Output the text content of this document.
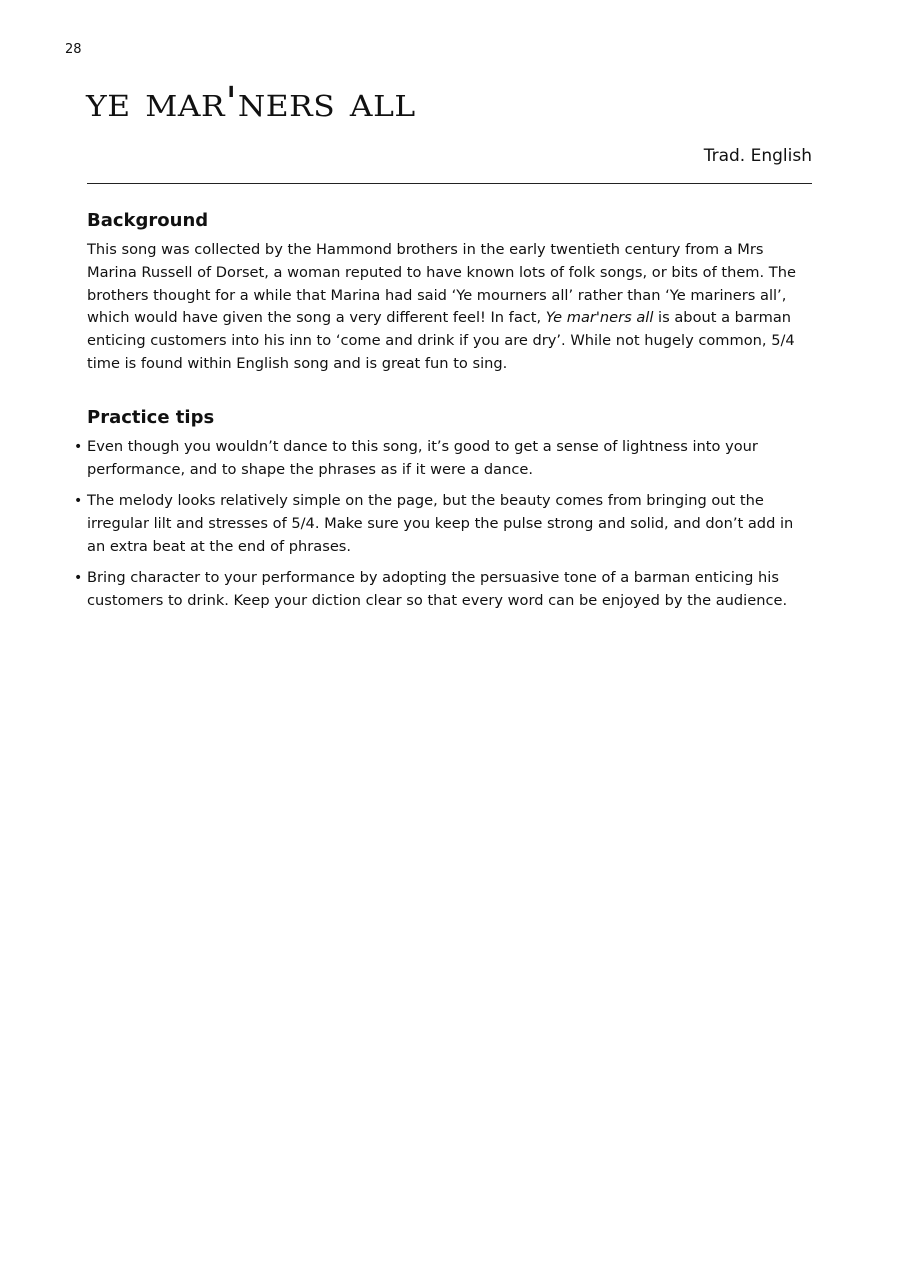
28
ye mar'ners all
Trad. English
Background

This song was collected by the Hammond brothers in the early twentieth century from a Mrs Marina Russell of Dorset, a woman reputed to have known lots of folk songs, or bits of them. The brothers thought for a while that Marina had said ‘Ye mourners all’ rather than ‘Ye mariners all’, which would have given the song a very different feel! In fact, Ye mar'ners all is about a barman enticing customers into his inn to ‘come and drink if you are dry’. While not hugely common, 5/4 time is found within English song and is great fun to sing.

Practice tips
• Even though you wouldn’t dance to this song, it’s good to get a sense of lightness into your performance, and to shape the phrases as if it were a dance.
• The melody looks relatively simple on the page, but the beauty comes from bringing out the irregular lilt and stresses of 5/4. Make sure you keep the pulse strong and solid, and don’t add in an extra beat at the end of phrases.
• Bring character to your performance by adopting the persuasive tone of a barman enticing his customers to drink. Keep your diction clear so that every word can be enjoyed by the audience.
